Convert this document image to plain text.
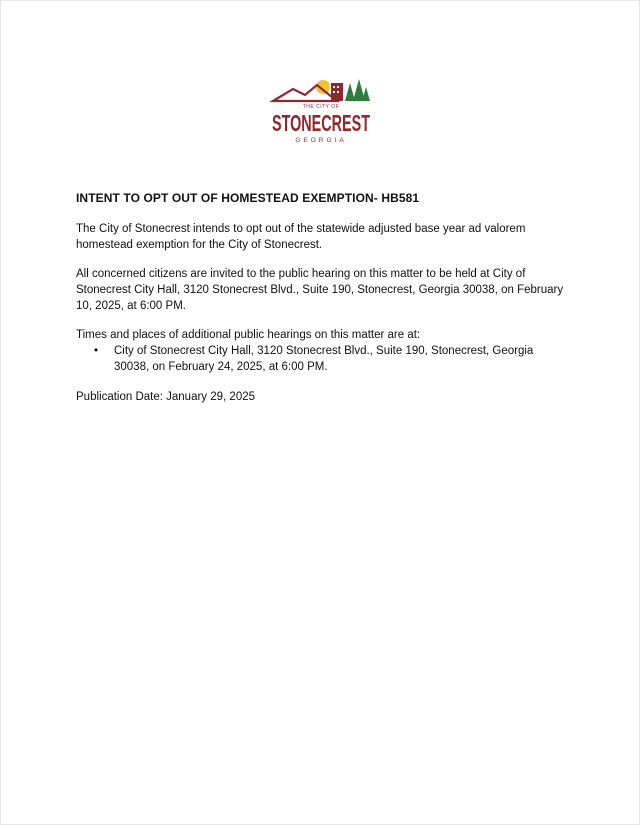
THE CITY OF
STONECREST
GEORGIA
INTENT TO OPT OUT OF HOMESTEAD EXEMPTION- HB581

The City of Stonecrest intends to opt out of the statewide adjusted base year ad valorem homestead exemption for the City of Stonecrest.

All concerned citizens are invited to the public hearing on this matter to be held at City of Stonecrest City Hall, 3120 Stonecrest Blvd., Suite 190, Stonecrest, Georgia 30038, on February 10, 2025, at 6:00 PM.

Times and places of additional public hearings on this matter are at:

• City of Stonecrest City Hall, 3120 Stonecrest Blvd., Suite 190, Stonecrest, Georgia 30038, on February 24, 2025, at 6:00 PM.

Publication Date: January 29, 2025
